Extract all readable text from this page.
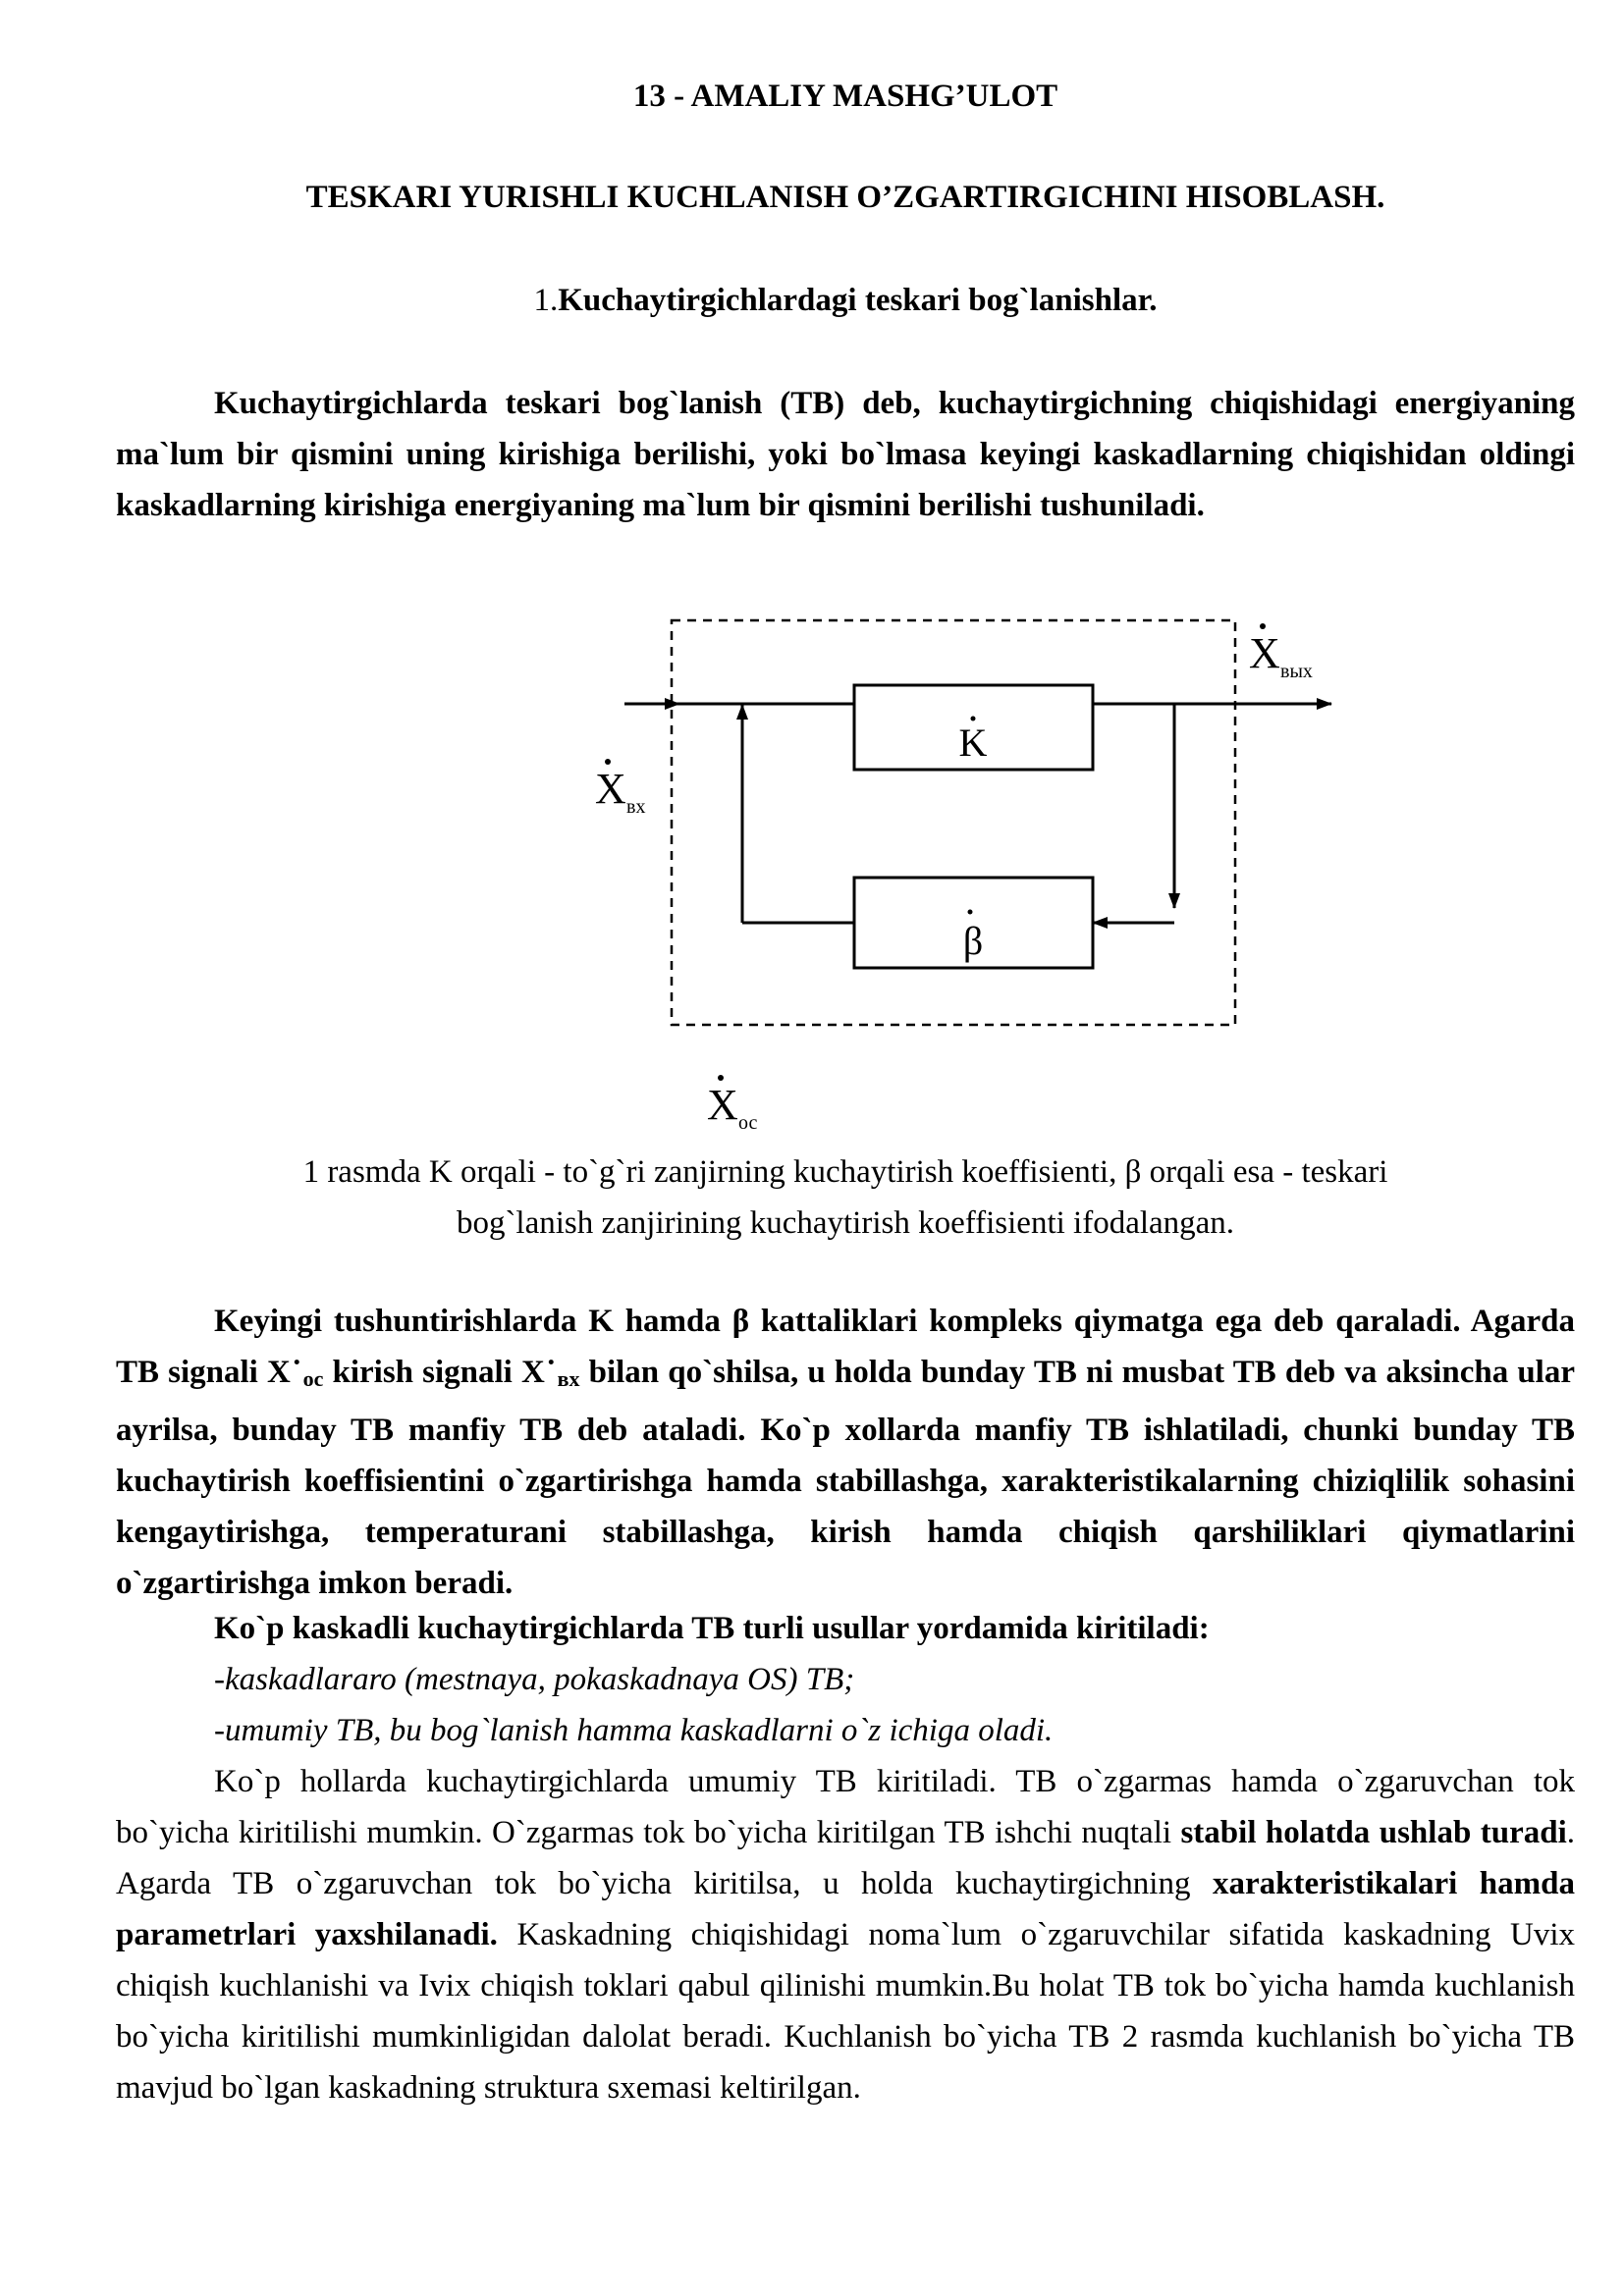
13 - AMALIY MASHG’ULOT
TESKARI YURISHLI KUCHLANISH O’ZGARTIRGICHINI HISOBLASH.
1.Kuchaytirgichlardagi teskari bog`lanishlar.

Kuchaytirgichlarda teskari bog`lanish (TB) deb, kuchaytirgichning chiqishidagi energiyaning ma`lum bir qismini uning kirishiga berilishi, yoki bo`lmasa keyingi kaskadlarning chiqishidan oldingi kaskadlarning kirishiga energiyaning ma`lum bir qismini berilishi tushuniladi.

K
β
X вх
X вых
X ос
1 rasmda K orqali - to`g`ri zanjirning kuchaytirish koeffisienti, β orqali esa - teskari
bog`lanish zanjirining kuchaytirish koeffisienti ifodalangan.

Keyingi tushuntirishlarda K hamda β kattaliklari kompleks qiymatga ega deb qaraladi. Agarda TB signali X˙oc kirish signali X˙вх bilan qo`shilsa, u holda bunday TB ni musbat TB deb va aksincha ular ayrilsa, bunday TB manfiy TB deb ataladi. Ko`p xollarda manfiy TB ishlatiladi, chunki bunday TB kuchaytirish koeffisientini o`zgartirishga hamda stabillashga, xarakteristikalarning chiziqlilik sohasini kengaytirishga, temperaturani stabillashga, kirish hamda chiqish qarshiliklari qiymatlarini o`zgartirishga imkon beradi.

Ko`p kaskadli kuchaytirgichlarda TB turli usullar yordamida kiritiladi:
-kaskadlararo (mestnaya, pokaskadnaya OS) TB;
-umumiy TB, bu bog`lanish hamma kaskadlarni o`z ichiga oladi.

Ko`p hollarda kuchaytirgichlarda umumiy TB kiritiladi. TB o`zgarmas hamda o`zgaruvchan tok bo`yicha kiritilishi mumkin. O`zgarmas tok bo`yicha kiritilgan TB ishchi nuqtali stabil holatda ushlab turadi. Agarda TB o`zgaruvchan tok bo`yicha kiritilsa, u holda kuchaytirgichning xarakteristikalari hamda parametrlari yaxshilanadi. Kaskadning chiqishidagi noma`lum o`zgaruvchilar sifatida kaskadning Uvix chiqish kuchlanishi va Ivix chiqish toklari qabul qilinishi mumkin.Bu holat TB tok bo`yicha hamda kuchlanish bo`yicha kiritilishi mumkinligidan dalolat beradi. Kuchlanish bo`yicha TB 2 rasmda kuchlanish bo`yicha TB mavjud bo`lgan kaskadning struktura sxemasi keltirilgan.
